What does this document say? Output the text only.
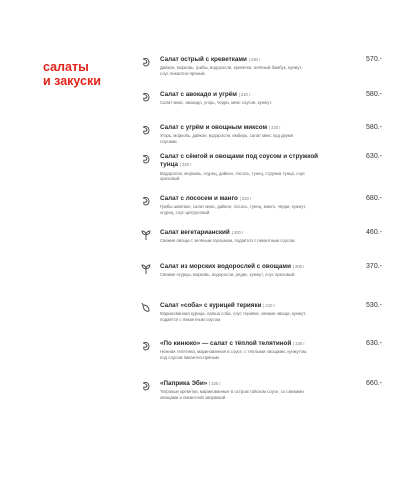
салаты
и закуски
Салат острый с креветками | 230 г
Дайкон, морковь, грибы, водоросли, креветки, зелёный бамбук, кунжут, соус пикантно-пряный.
570.-
Салат с авокадо и угрём | 210 г
Салат микс, авокадо, угорь, черри, микс соусов, кунжут.
580.-
Салат с угрём и овощным миксом | 220 г
Угорь, морковь, дайкон, водоросли, имбирь, салат микс под двумя соусами.
580.-
Салат с сёмгой и овощами под соусом и стружкой тунца | 220 г
Водоросли, морковь, огурец, дайкон, лосось, тунец, стружка тунца, соус ореховый.
630.-
Салат с лососем и манго | 220 г
Грибы шиитаке, салат микс, дайкон, лосось, тунец, манго, черри, кунжут, огурец, соус цитрусовый.
680.-
Салат вегетарианский | 200 г
Свежие овощи с зелёным горошком, подаётся с пикантным соусом.
460.-
Салат из морских водорослей с овощами | 200 г
Свежие огурцы, морковь, водоросли, редис, кунжут, соус ореховый.
370.-
Салат «соба» с курицей терияки | 210 г
Маринованная курица, лапша соба, соус терияки, свежие овощи, кунжут, подаётся с пикантным соусом.
530.-
«По кинюко» — салат с тёплой телятиной | 230 г
Нежная телятина, маринованная в соусе, с тёплыми овощами, кунжутом, под соусом пикантно-пряным.
630.-
«Паприка Эби» | 230 г
Тигровые креветки, маринованные в остром тайском соусе, со свежими овощами и пикантной заправкой.
660.-
